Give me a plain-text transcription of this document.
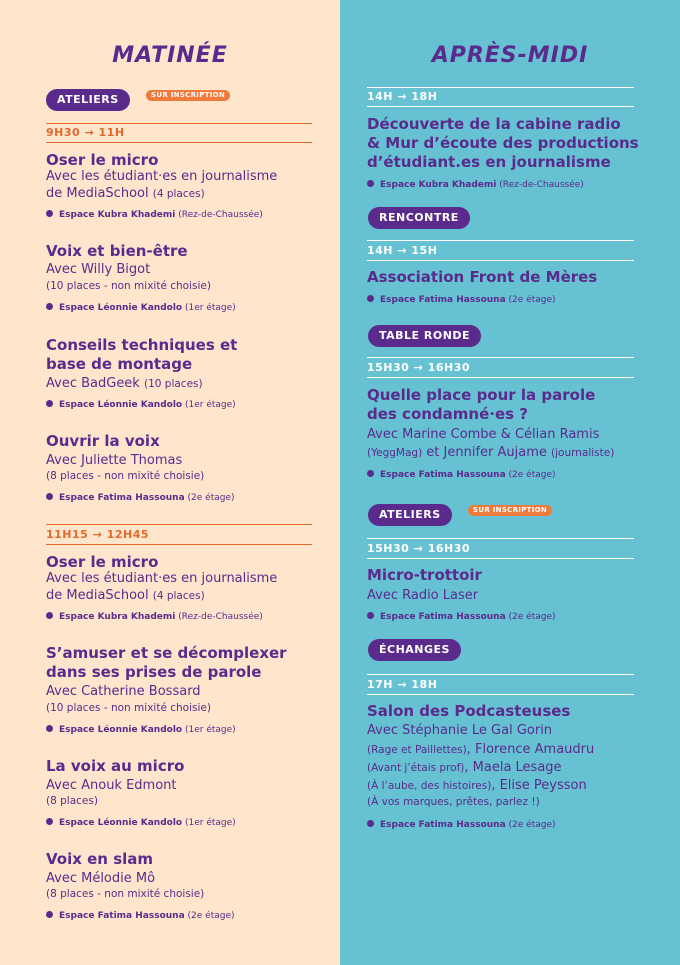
MATINÉE
ATELIERS	SUR INSCRIPTION
9H30 → 11H
Oser le micro
Avec les étudiant·es en journalisme
de MediaSchool (4 places)
Espace Kubra Khademi (Rez-de-Chaussée)
Voix et bien-être
Avec Willy Bigot
(10 places - non mixité choisie)
Espace Léonnie Kandolo (1er étage)
Conseils techniques et
base de montage
Avec BadGeek (10 places)
Espace Léonnie Kandolo (1er étage)
Ouvrir la voix
Avec Juliette Thomas
(8 places - non mixité choisie)
Espace Fatima Hassouna (2e étage)
11H15 → 12H45
Oser le micro
Avec les étudiant·es en journalisme
de MediaSchool (4 places)
Espace Kubra Khademi (Rez-de-Chaussée)
S’amuser et se décomplexer
dans ses prises de parole
Avec Catherine Bossard
(10 places - non mixité choisie)
Espace Léonnie Kandolo (1er étage)
La voix au micro
Avec Anouk Edmont
(8 places)
Espace Léonnie Kandolo (1er étage)
Voix en slam
Avec Mélodie Mô
(8 places - non mixité choisie)
Espace Fatima Hassouna (2e étage)
APRÈS-MIDI
14H → 18H
Découverte de la cabine radio
& Mur d’écoute des productions
d’étudiant.es en journalisme
Espace Kubra Khademi (Rez-de-Chaussée)
RENCONTRE
14H → 15H
Association Front de Mères
Espace Fatima Hassouna (2e étage)
TABLE RONDE
15H30 → 16H30
Quelle place pour la parole
des condamné·es ?
Avec Marine Combe & Célian Ramis
(YeggMag) et Jennifer Aujame (journaliste)
Espace Fatima Hassouna (2e étage)
ATELIERS	SUR INSCRIPTION
15H30 → 16H30
Micro-trottoir
Avec Radio Laser
Espace Fatima Hassouna (2e étage)
ÉCHANGES
17H → 18H
Salon des Podcasteuses
Avec Stéphanie Le Gal Gorin
(Rage et Paillettes), Florence Amaudru
(Avant j’étais prof), Maela Lesage
(À l’aube, des histoires), Elise Peysson
(À vos marques, prêtes, parlez !)
Espace Fatima Hassouna (2e étage)
